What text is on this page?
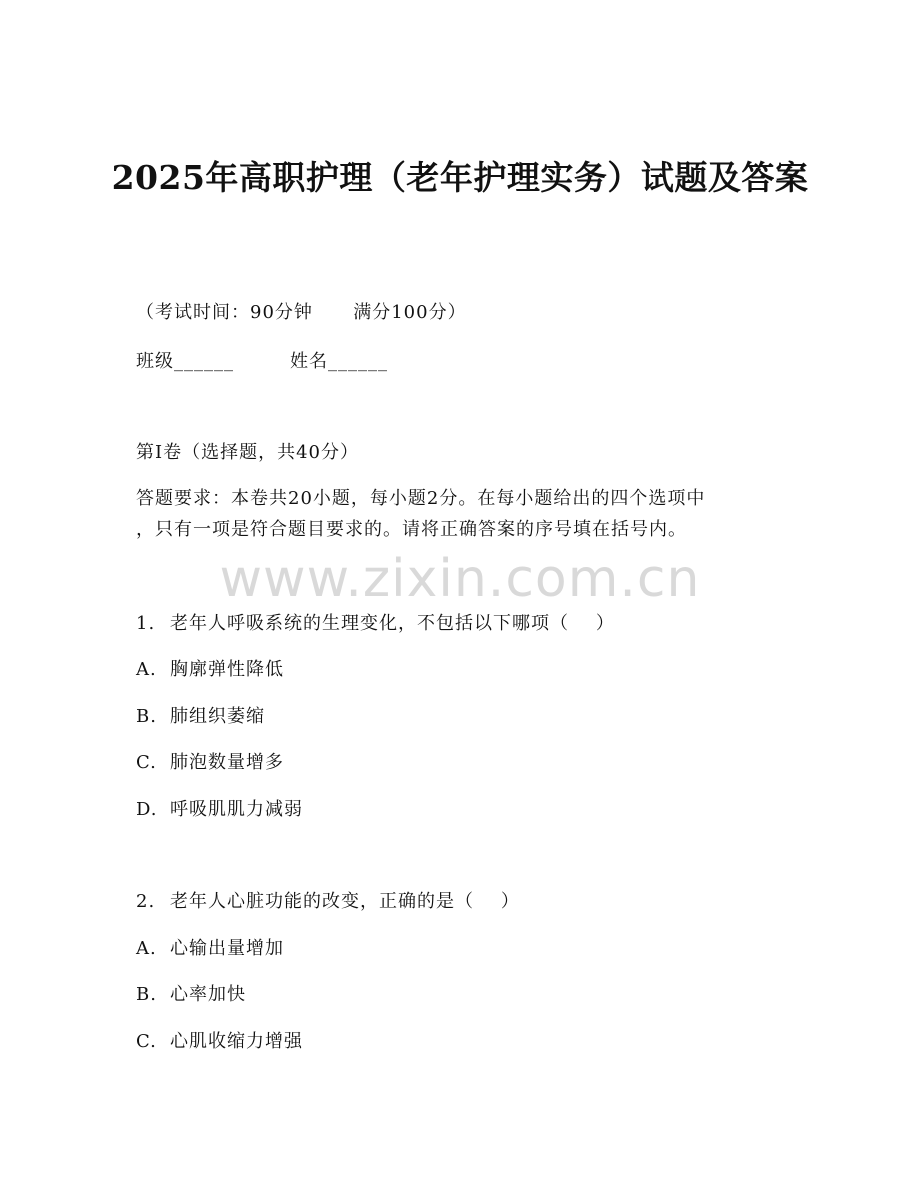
2025年高职护理（老年护理实务）试题及答案
（考试时间：90分钟      满分100分）
班级______	姓名______
第I卷（选择题，共40分）
答题要求：本卷共20小题，每小题2分。在每小题给出的四个选项中
，只有一项是符合题目要求的。请将正确答案的序号填在括号内。
www.zixin.com.cn
1. 老年人呼吸系统的生理变化，不包括以下哪项（    ）
A. 胸廓弹性降低
B. 肺组织萎缩
C. 肺泡数量增多
D. 呼吸肌肌力减弱
2. 老年人心脏功能的改变，正确的是（    ）
A. 心输出量增加
B. 心率加快
C. 心肌收缩力增强
